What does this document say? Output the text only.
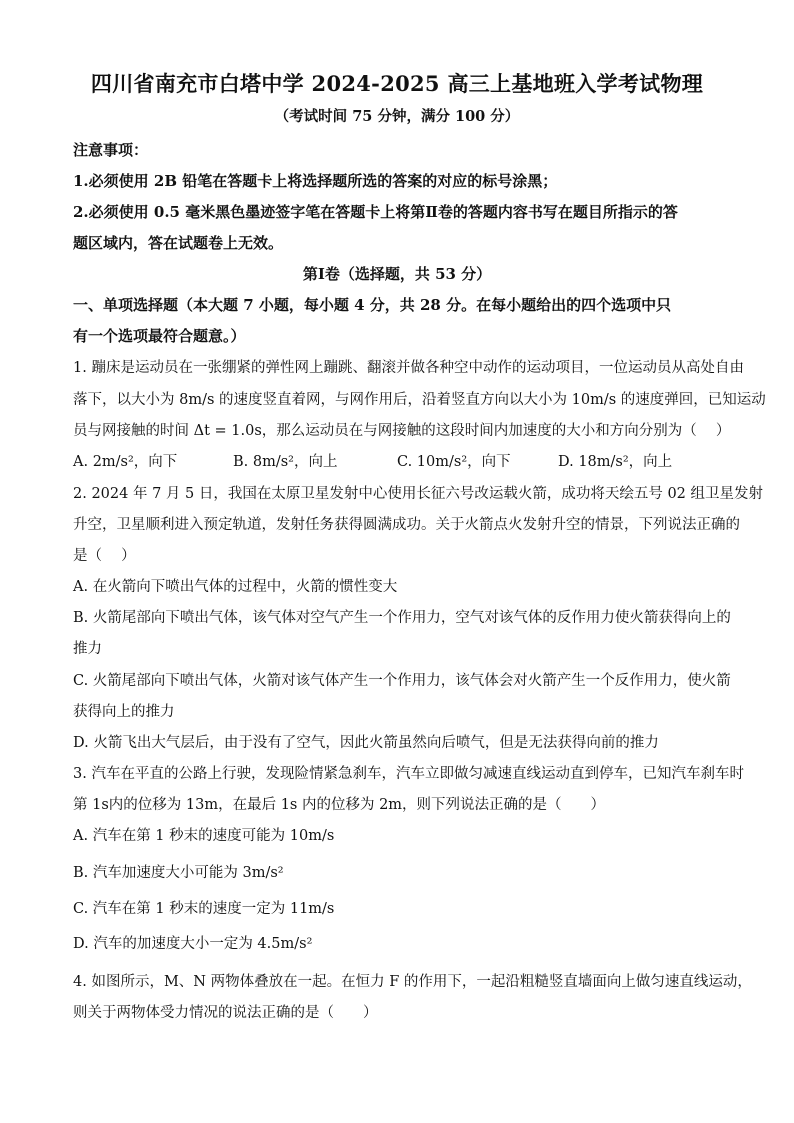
四川省南充市白塔中学 2024-2025 高三上基地班入学考试物理
（考试时间 75 分钟，满分 100 分）
注意事项：
1.必须使用 2B 铅笔在答题卡上将选择题所选的答案的对应的标号涂黑；
2.必须使用 0.5 毫米黑色墨迹签字笔在答题卡上将第Ⅱ卷的答题内容书写在题目所指示的答
题区域内，答在试题卷上无效。
第Ⅰ卷（选择题，共 53 分）
一、单项选择题（本大题 7 小题，每小题 4 分，共 28 分。在每小题给出的四个选项中只
有一个选项最符合题意。）
1. 蹦床是运动员在一张绷紧的弹性网上蹦跳、翻滚并做各种空中动作的运动项目，一位运动员从高处自由
落下，以大小为 8m/s 的速度竖直着网，与网作用后，沿着竖直方向以大小为 10m/s 的速度弹回，已知运动
员与网接触的时间 Δt = 1.0s，那么运动员在与网接触的这段时间内加速度的大小和方向分别为（　 ）
A. 2m/s²，向下	B. 8m/s²，向上	C. 10m/s²，向下	D. 18m/s²，向上
2. 2024 年 7 月 5 日，我国在太原卫星发射中心使用长征六号改运载火箭，成功将天绘五号 02 组卫星发射
升空，卫星顺利进入预定轨道，发射任务获得圆满成功。关于火箭点火发射升空的情景，下列说法正确的
是（　 ）
A. 在火箭向下喷出气体的过程中，火箭的惯性变大
B. 火箭尾部向下喷出气体，该气体对空气产生一个作用力，空气对该气体的反作用力使火箭获得向上的
推力
C. 火箭尾部向下喷出气体，火箭对该气体产生一个作用力，该气体会对火箭产生一个反作用力，使火箭
获得向上的推力
D. 火箭飞出大气层后，由于没有了空气，因此火箭虽然向后喷气，但是无法获得向前的推力
3. 汽车在平直的公路上行驶，发现险情紧急刹车，汽车立即做匀减速直线运动直到停车，已知汽车刹车时
第 1s内的位移为 13m，在最后 1s 内的位移为 2m，则下列说法正确的是（　　）
A. 汽车在第 1 秒末的速度可能为 10m/s
B. 汽车加速度大小可能为 3m/s²
C. 汽车在第 1 秒末的速度一定为 11m/s
D. 汽车的加速度大小一定为 4.5m/s²
4. 如图所示，M、N 两物体叠放在一起。在恒力 F 的作用下，一起沿粗糙竖直墙面向上做匀速直线运动，
则关于两物体受力情况的说法正确的是（　　）
